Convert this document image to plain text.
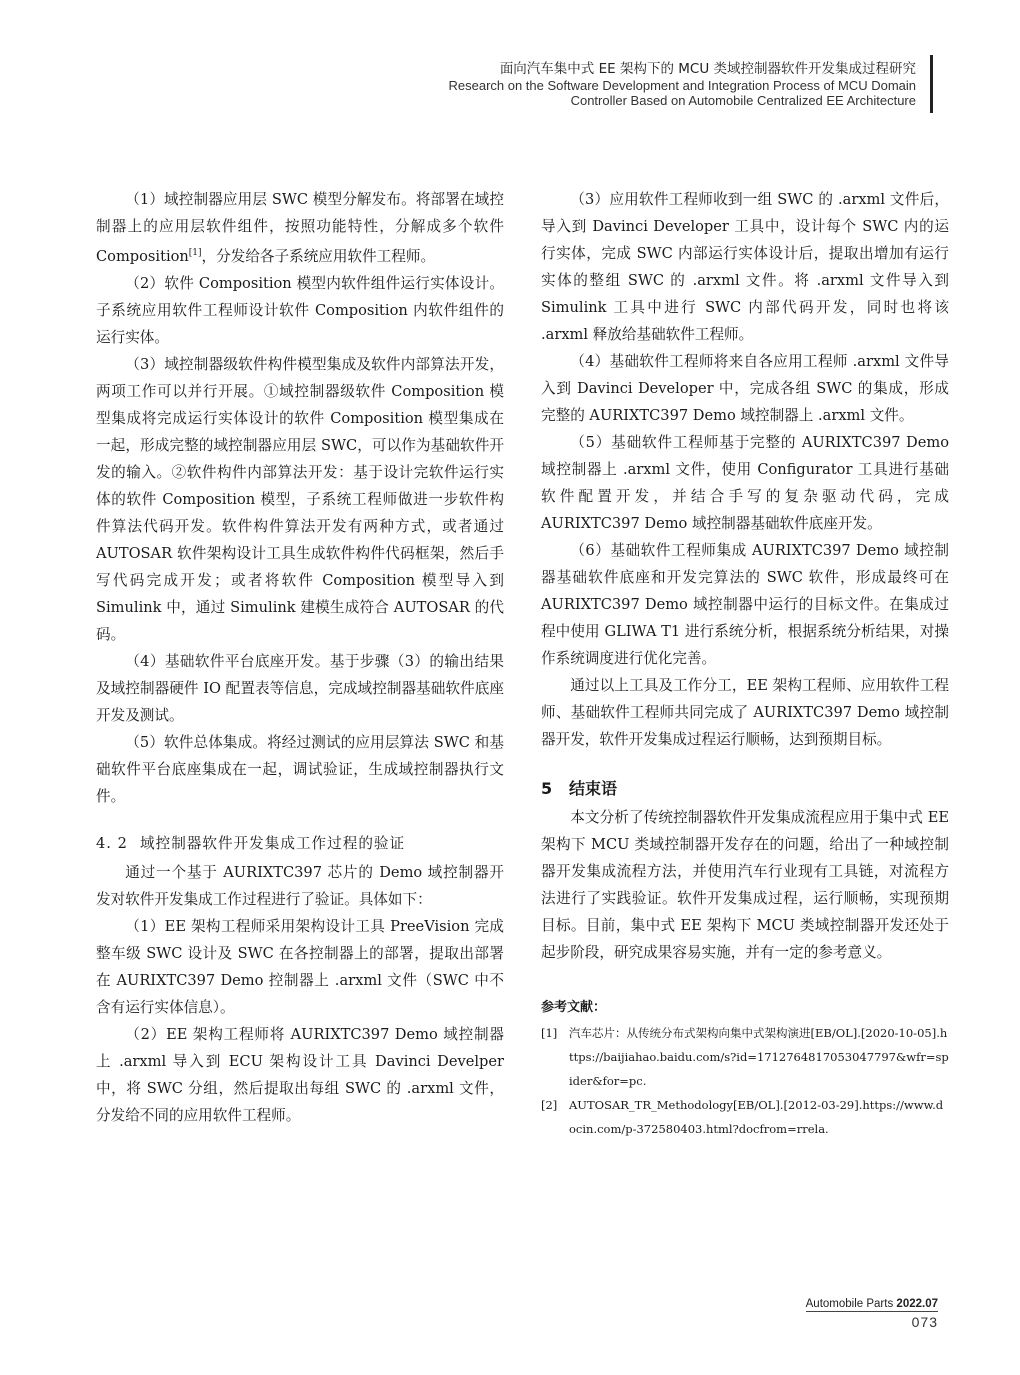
面向汽车集中式 EE 架构下的 MCU 类域控制器软件开发集成过程研究
Research on the Software Development and Integration Process of MCU Domain
Controller Based on Automobile Centralized EE Architecture

（1）域控制器应用层 SWC 模型分解发布。将部署在域控制器上的应用层软件组件，按照功能特性，分解成多个软件 Composition[1]，分发给各子系统应用软件工程师。

（2）软件 Composition 模型内软件组件运行实体设计。子系统应用软件工程师设计软件 Composition 内软件组件的运行实体。

（3）域控制器级软件构件模型集成及软件内部算法开发，两项工作可以并行开展。①域控制器级软件 Composition 模型集成将完成运行实体设计的软件 Composition 模型集成在一起，形成完整的域控制器应用层 SWC，可以作为基础软件开发的输入。②软件构件内部算法开发：基于设计完软件运行实体的软件 Composition 模型，子系统工程师做进一步软件构件算法代码开发。软件构件算法开发有两种方式，或者通过 AUTOSAR 软件架构设计工具生成软件构件代码框架，然后手写代码完成开发；或者将软件 Composition 模型导入到 Simulink 中，通过 Simulink 建模生成符合 AUTOSAR 的代码。

（4）基础软件平台底座开发。基于步骤（3）的输出结果及域控制器硬件 IO 配置表等信息，完成域控制器基础软件底座开发及测试。

（5）软件总体集成。将经过测试的应用层算法 SWC 和基础软件平台底座集成在一起，调试验证，生成域控制器执行文件。

4. 2 域控制器软件开发集成工作过程的验证

通过一个基于 AURIXTC397 芯片的 Demo 域控制器开发对软件开发集成工作过程进行了验证。具体如下：

（1）EE 架构工程师采用架构设计工具 PreeVision 完成整车级 SWC 设计及 SWC 在各控制器上的部署，提取出部署在 AURIXTC397 Demo 控制器上 .arxml 文件（SWC 中不含有运行实体信息）。

（2）EE 架构工程师将 AURIXTC397 Demo 域控制器上 .arxml 导入到 ECU 架构设计工具 Davinci Develper 中，将 SWC 分组，然后提取出每组 SWC 的 .arxml 文件，分发给不同的应用软件工程师。

（3）应用软件工程师收到一组 SWC 的 .arxml 文件后，导入到 Davinci Developer 工具中，设计每个 SWC 内的运行实体，完成 SWC 内部运行实体设计后，提取出增加有运行实体的整组 SWC 的 .arxml 文件。将 .arxml 文件导入到 Simulink 工具中进行 SWC 内部代码开发，同时也将该 .arxml 释放给基础软件工程师。

（4）基础软件工程师将来自各应用工程师 .arxml 文件导入到 Davinci Developer 中，完成各组 SWC 的集成，形成完整的 AURIXTC397 Demo 域控制器上 .arxml 文件。

（5）基础软件工程师基于完整的 AURIXTC397 Demo 域控制器上 .arxml 文件，使用 Configurator 工具进行基础软件配置开发，并结合手写的复杂驱动代码，完成 AURIXTC397 Demo 域控制器基础软件底座开发。

（6）基础软件工程师集成 AURIXTC397 Demo 域控制器基础软件底座和开发完算法的 SWC 软件，形成最终可在 AURIXTC397 Demo 域控制器中运行的目标文件。在集成过程中使用 GLIWA T1 进行系统分析，根据系统分析结果，对操作系统调度进行优化完善。

通过以上工具及工作分工，EE 架构工程师、应用软件工程师、基础软件工程师共同完成了 AURIXTC397 Demo 域控制器开发，软件开发集成过程运行顺畅，达到预期目标。

5 结束语

本文分析了传统控制器软件开发集成流程应用于集中式 EE 架构下 MCU 类域控制器开发存在的问题，给出了一种域控制器开发集成流程方法，并使用汽车行业现有工具链，对流程方法进行了实践验证。软件开发集成过程，运行顺畅，实现预期目标。目前，集中式 EE 架构下 MCU 类域控制器开发还处于起步阶段，研究成果容易实施，并有一定的参考意义。

参考文献：
[1] 汽车芯片：从传统分布式架构向集中式架构演进[EB/OL].[2020-10-05].https://baijiahao.baidu.com/s?id=1712764817053047797&wfr=spider&for=pc.
[2] AUTOSAR_TR_Methodology[EB/OL].[2012-03-29].https://www.docin.com/p-372580403.html?docfrom=rrela.
Automobile Parts 2022.07
073
